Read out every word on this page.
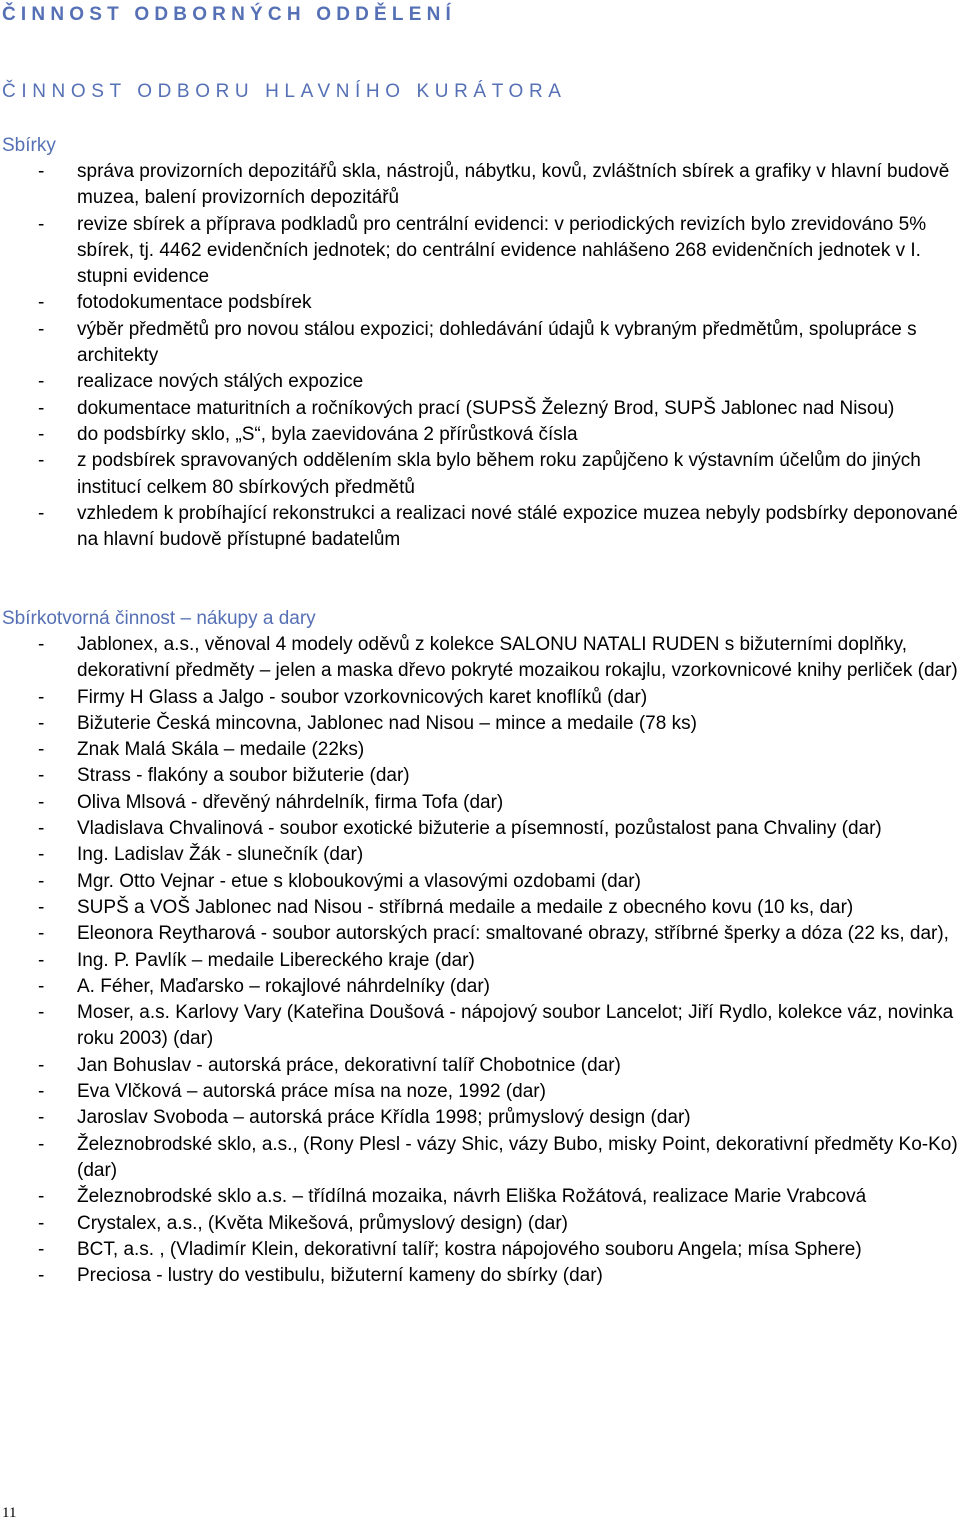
ČINNOST ODBORNÝCH ODDĚLENÍ
ČINNOST ODBORU HLAVNÍHO KURÁTORA
Sbírky
- správa provizorních depozitářů skla, nástrojů, nábytku, kovů, zvláštních sbírek a grafiky v hlavní budově muzea, balení provizorních depozitářů
- revize sbírek a příprava podkladů pro centrální evidenci: v periodických revizích bylo zrevidováno 5% sbírek, tj. 4462 evidenčních jednotek; do centrální evidence nahlášeno 268 evidenčních jednotek v I. stupni evidence
- fotodokumentace podsbírek
- výběr předmětů pro novou stálou expozici; dohledávání údajů k vybraným předmětům, spolupráce s architekty
- realizace nových stálých expozice
- dokumentace maturitních a ročníkových prací (SUPSŠ Železný Brod, SUPŠ Jablonec nad Nisou)
- do podsbírky sklo, „S“, byla zaevidována 2 přírůstková čísla
- z podsbírek spravovaných oddělením skla bylo během roku zapůjčeno k výstavním účelům do jiných institucí celkem 80 sbírkových předmětů
- vzhledem k probíhající rekonstrukci a realizaci nové stálé expozice muzea nebyly podsbírky deponované na hlavní budově přístupné badatelům
Sbírkotvorná činnost – nákupy a dary
- Jablonex, a.s., věnoval 4 modely oděvů z kolekce SALONU NATALI RUDEN s bižuterními doplňky, dekorativní předměty – jelen a maska dřevo pokryté mozaikou rokajlu, vzorkovnicové knihy perliček (dar)
- Firmy H Glass a Jalgo - soubor vzorkovnicových karet knoflíků (dar)
- Bižuterie Česká mincovna, Jablonec nad Nisou – mince a medaile (78 ks)
- Znak Malá Skála – medaile (22ks)
- Strass - flakóny a soubor bižuterie (dar)
- Oliva Mlsová - dřevěný náhrdelník, firma Tofa (dar)
- Vladislava Chvalinová - soubor exotické bižuterie a písemností, pozůstalost pana Chvaliny (dar)
- Ing. Ladislav Žák - slunečník (dar)
- Mgr. Otto Vejnar - etue s kloboukovými a vlasovými ozdobami (dar)
- SUPŠ a VOŠ Jablonec nad Nisou - stříbrná medaile a medaile z obecného kovu (10 ks, dar)
- Eleonora Reytharová - soubor autorských prací: smaltované obrazy, stříbrné šperky a dóza (22 ks, dar),
- Ing. P. Pavlík – medaile Libereckého kraje (dar)
- A. Féher, Maďarsko – rokajlové náhrdelníky (dar)
- Moser, a.s. Karlovy Vary (Kateřina Doušová - nápojový soubor Lancelot; Jiří Rydlo, kolekce váz, novinka roku 2003) (dar)
- Jan Bohuslav - autorská práce, dekorativní talíř Chobotnice (dar)
- Eva Vlčková – autorská práce mísa na noze, 1992 (dar)
- Jaroslav Svoboda – autorská práce Křídla 1998; průmyslový design (dar)
- Železnobrodské sklo, a.s., (Rony Plesl - vázy Shic, vázy Bubo, misky Point, dekorativní předměty Ko-Ko) (dar)
- Železnobrodské sklo a.s. – třídílná mozaika, návrh Eliška Rožátová, realizace Marie Vrabcová
- Crystalex, a.s., (Květa Mikešová, průmyslový design) (dar)
- BCT, a.s. , (Vladimír Klein, dekorativní talíř; kostra nápojového souboru Angela; mísa Sphere)
- Preciosa - lustry do vestibulu, bižuterní kameny do sbírky (dar)
11
